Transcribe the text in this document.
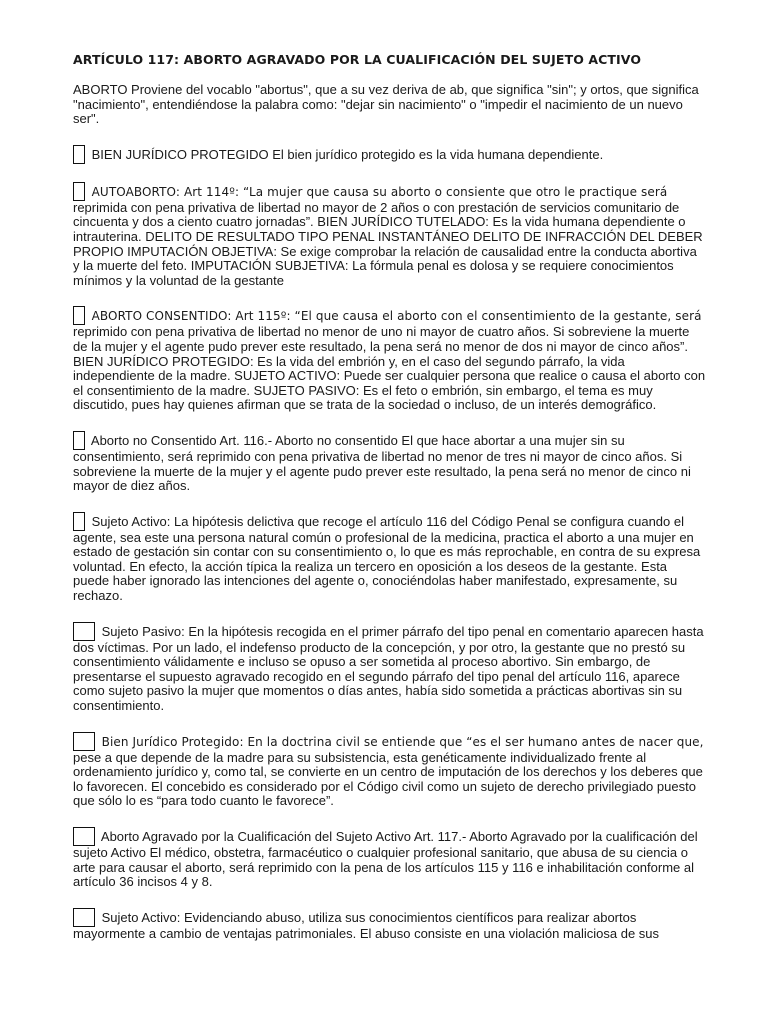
ARTÍCULO 117: ABORTO AGRAVADO POR LA CUALIFICACIÓN DEL SUJETO ACTIVO

ABORTO Proviene del vocablo "abortus", que a su vez deriva de ab, que significa "sin"; y ortos, que significa "nacimiento", entendiéndose la palabra como: "dejar sin nacimiento" o "impedir el nacimiento de un nuevo ser".

BIEN JURÍDICO PROTEGIDO El bien jurídico protegido es la vida humana dependiente.

AUTOABORTO: Art 114º: “La mujer que causa su aborto o consiente que otro le practique será reprimida con pena privativa de libertad no mayor de 2 años o con prestación de servicios comunitario de cincuenta y dos a ciento cuatro jornadas”. BIEN JURÍDICO TUTELADO: Es la vida humana dependiente o intrauterina. DELITO DE RESULTADO TIPO PENAL INSTANTÁNEO DELITO DE INFRACCIÓN DEL DEBER PROPIO IMPUTACIÓN OBJETIVA: Se exige comprobar la relación de causalidad entre la conducta abortiva y la muerte del feto. IMPUTACIÓN SUBJETIVA: La fórmula penal es dolosa y se requiere conocimientos mínimos y la voluntad de la gestante

ABORTO CONSENTIDO: Art 115º: “El que causa el aborto con el consentimiento de la gestante, será reprimido con pena privativa de libertad no menor de uno ni mayor de cuatro años. Si sobreviene la muerte de la mujer y el agente pudo prever este resultado, la pena será no menor de dos ni mayor de cinco años”. BIEN JURÍDICO PROTEGIDO: Es la vida del embrión y, en el caso del segundo párrafo, la vida independiente de la madre. SUJETO ACTIVO: Puede ser cualquier persona que realice o causa el aborto con el consentimiento de la madre. SUJETO PASIVO: Es el feto o embrión, sin embargo, el tema es muy discutido, pues hay quienes afirman que se trata de la sociedad o incluso, de un interés demográfico.

Aborto no Consentido Art. 116.- Aborto no consentido El que hace abortar a una mujer sin su consentimiento, será reprimido con pena privativa de libertad no menor de tres ni mayor de cinco años. Si sobreviene la muerte de la mujer y el agente pudo prever este resultado, la pena será no menor de cinco ni mayor de diez años.

Sujeto Activo: La hipótesis delictiva que recoge el artículo 116 del Código Penal se configura cuando el agente, sea este una persona natural común o profesional de la medicina, practica el aborto a una mujer en estado de gestación sin contar con su consentimiento o, lo que es más reprochable, en contra de su expresa voluntad. En efecto, la acción típica la realiza un tercero en oposición a los deseos de la gestante. Esta puede haber ignorado las intenciones del agente o, conociéndolas haber manifestado, expresamente, su rechazo.

Sujeto Pasivo: En la hipótesis recogida en el primer párrafo del tipo penal en comentario aparecen hasta dos víctimas. Por un lado, el indefenso producto de la concepción, y por otro, la gestante que no prestó su consentimiento válidamente e incluso se opuso a ser sometida al proceso abortivo. Sin embargo, de presentarse el supuesto agravado recogido en el segundo párrafo del tipo penal del artículo 116, aparece como sujeto pasivo la mujer que momentos o días antes, había sido sometida a prácticas abortivas sin su consentimiento.

Bien Jurídico Protegido: En la doctrina civil se entiende que “es el ser humano antes de nacer que, pese a que depende de la madre para su subsistencia, esta genéticamente individualizado frente al ordenamiento jurídico y, como tal, se convierte en un centro de imputación de los derechos y los deberes que lo favorecen. El concebido es considerado por el Código civil como un sujeto de derecho privilegiado puesto que sólo lo es “para todo cuanto le favorece”.

Aborto Agravado por la Cualificación del Sujeto Activo Art. 117.- Aborto Agravado por la cualificación del sujeto Activo El médico, obstetra, farmacéutico o cualquier profesional sanitario, que abusa de su ciencia o arte para causar el aborto, será reprimido con la pena de los artículos 115 y 116 e inhabilitación conforme al artículo 36 incisos 4 y 8.

Sujeto Activo: Evidenciando abuso, utiliza sus conocimientos científicos para realizar abortos mayormente a cambio de ventajas patrimoniales. El abuso consiste en una violación maliciosa de sus
